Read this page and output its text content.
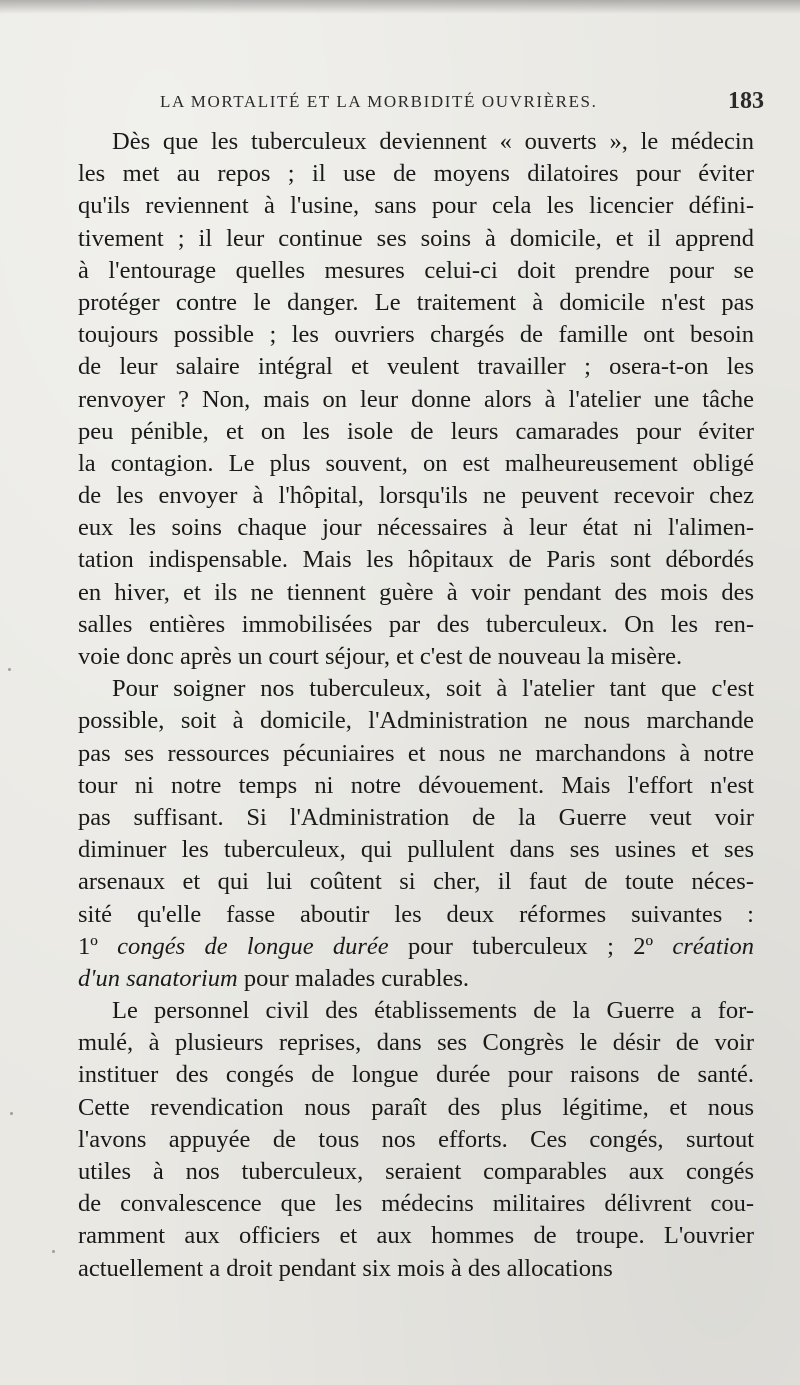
LA MORTALITÉ ET LA MORBIDITÉ OUVRIÈRES.	183
Dès que les tuberculeux deviennent « ouverts », le médecin
les met au repos ; il use de moyens dilatoires pour éviter
qu'ils reviennent à l'usine, sans pour cela les licencier défini-
tivement ; il leur continue ses soins à domicile, et il apprend
à l'entourage quelles mesures celui-ci doit prendre pour se
protéger contre le danger. Le traitement à domicile n'est pas
toujours possible ; les ouvriers chargés de famille ont besoin
de leur salaire intégral et veulent travailler ; osera-t-on les
renvoyer ? Non, mais on leur donne alors à l'atelier une tâche
peu pénible, et on les isole de leurs camarades pour éviter
la contagion. Le plus souvent, on est malheureusement obligé
de les envoyer à l'hôpital, lorsqu'ils ne peuvent recevoir chez
eux les soins chaque jour nécessaires à leur état ni l'alimen-
tation indispensable. Mais les hôpitaux de Paris sont débordés
en hiver, et ils ne tiennent guère à voir pendant des mois des
salles entières immobilisées par des tuberculeux. On les ren-
voie donc après un court séjour, et c'est de nouveau la misère.
Pour soigner nos tuberculeux, soit à l'atelier tant que c'est
possible, soit à domicile, l'Administration ne nous marchande
pas ses ressources pécuniaires et nous ne marchandons à notre
tour ni notre temps ni notre dévouement. Mais l'effort n'est
pas suffisant. Si l'Administration de la Guerre veut voir
diminuer les tuberculeux, qui pullulent dans ses usines et ses
arsenaux et qui lui coûtent si cher, il faut de toute néces-
sité qu'elle fasse aboutir les deux réformes suivantes :
1º congés de longue durée pour tuberculeux ; 2º création
d'un sanatorium pour malades curables.
Le personnel civil des établissements de la Guerre a for-
mulé, à plusieurs reprises, dans ses Congrès le désir de voir
instituer des congés de longue durée pour raisons de santé.
Cette revendication nous paraît des plus légitime, et nous
l'avons appuyée de tous nos efforts. Ces congés, surtout
utiles à nos tuberculeux, seraient comparables aux congés
de convalescence que les médecins militaires délivrent cou-
ramment aux officiers et aux hommes de troupe. L'ouvrier
actuellement a droit pendant six mois à des allocations
